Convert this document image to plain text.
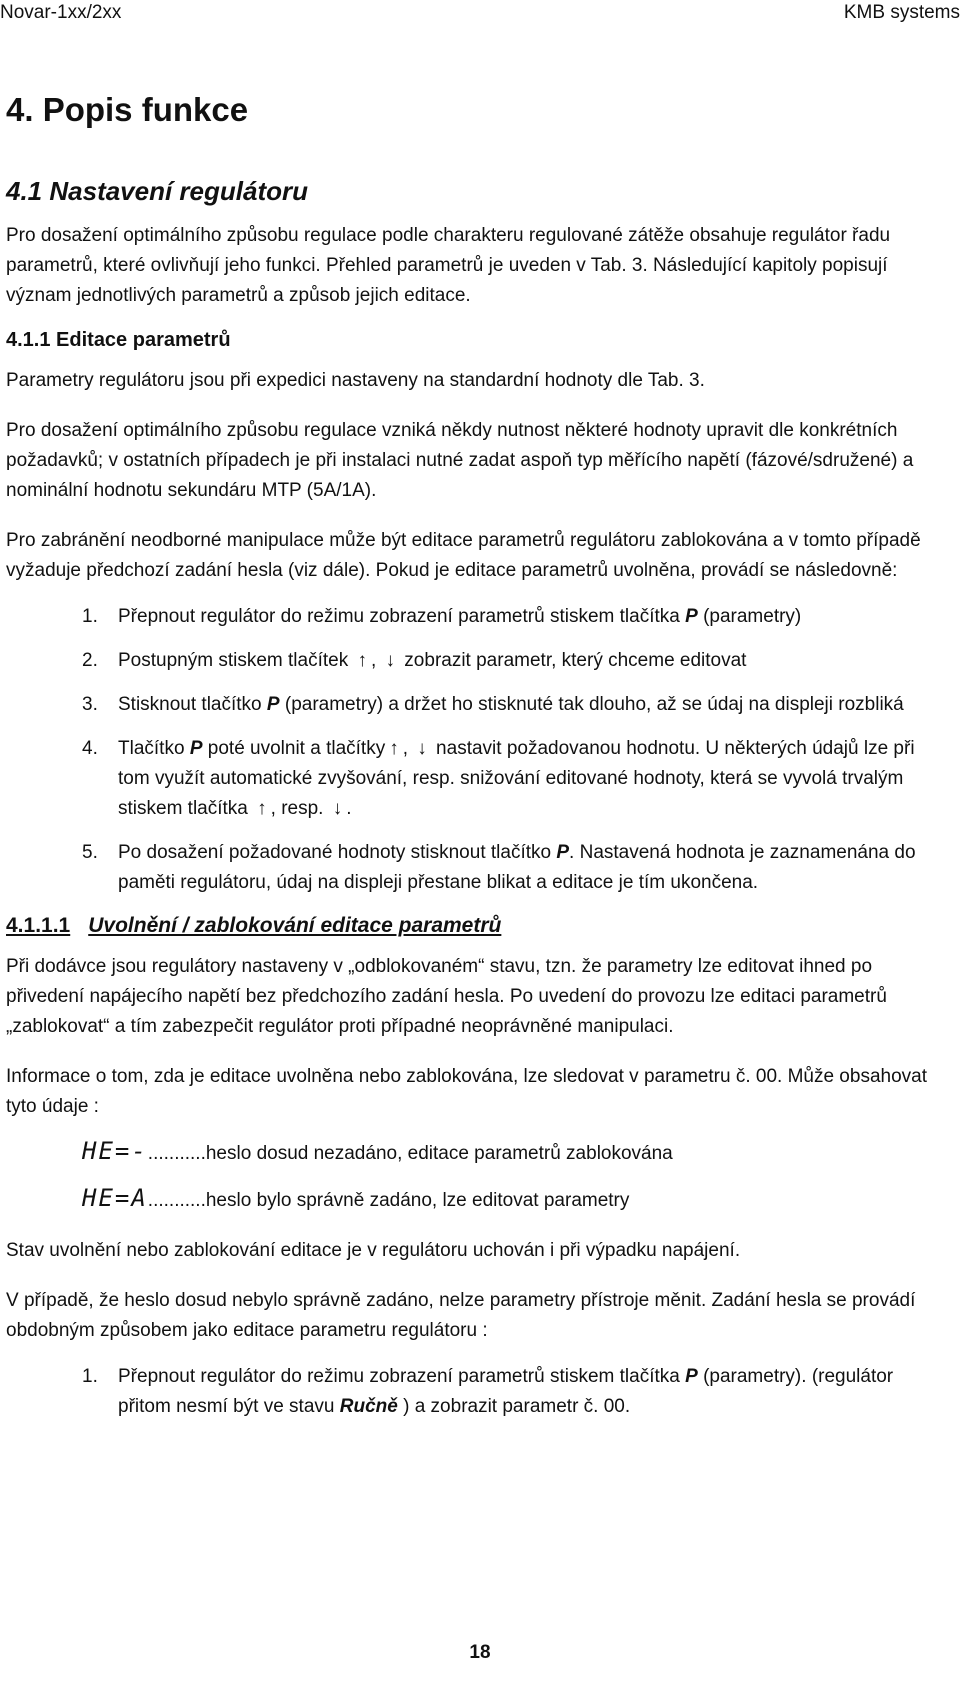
Novar-1xx/2xx	KMB systems
4. Popis funkce
4.1 Nastavení regulátoru

Pro dosažení optimálního způsobu regulace podle charakteru regulované zátěže obsahuje regulátor řadu parametrů, které ovlivňují jeho funkci. Přehled parametrů je uveden v Tab. 3. Následující kapitoly popisují význam jednotlivých parametrů a způsob jejich editace.

4.1.1 Editace parametrů

Parametry regulátoru jsou při expedici nastaveny na standardní hodnoty dle Tab. 3.

Pro dosažení optimálního způsobu regulace vzniká někdy nutnost některé hodnoty upravit dle konkrétních požadavků; v ostatních případech je při instalaci nutné zadat aspoň typ měřícího napětí (fázové/sdružené) a nominální hodnotu sekundáru MTP (5A/1A).

Pro zabránění neodborné manipulace může být editace parametrů regulátoru zablokována a v tomto případě vyžaduje předchozí zadání hesla (viz dále). Pokud je editace parametrů uvolněna, provádí se následovně:

1.	Přepnout regulátor do režimu zobrazení parametrů stiskem tlačítka P (parametry)
2.	Postupným stiskem tlačítek ↑ , ↓ zobrazit parametr, který chceme editovat
3.	Stisknout tlačítko P (parametry) a držet ho stisknuté tak dlouho, až se údaj na displeji rozbliká
4.	Tlačítko P poté uvolnit a tlačítky ↑ , ↓ nastavit požadovanou hodnotu. U některých údajů lze při tom využít automatické zvyšování, resp. snižování editované hodnoty, která se vyvolá trvalým stiskem tlačítka ↑ , resp. ↓ .
5.	Po dosažení požadované hodnoty stisknout tlačítko P. Nastavená hodnota je zaznamenána do paměti regulátoru, údaj na displeji přestane blikat a editace je tím ukončena.
4.1.1.1 Uvolnění / zablokování editace parametrů

Při dodávce jsou regulátory nastaveny v „odblokovaném“ stavu, tzn. že parametry lze editovat ihned po přivedení napájecího napětí bez předchozího zadání hesla. Po uvedení do provozu lze editaci parametrů „zablokovat“ a tím zabezpečit regulátor proti případné neoprávněné manipulaci.

Informace o tom, zda je editace uvolněna nebo zablokována, lze sledovat v parametru č. 00. Může obsahovat tyto údaje :

HE=- ...........heslo dosud nezadáno, editace parametrů zablokována
HE=A ...........heslo bylo správně zadáno, lze editovat parametry

Stav uvolnění nebo zablokování editace je v regulátoru uchován i při výpadku napájení.

V případě, že heslo dosud nebylo správně zadáno, nelze parametry přístroje měnit. Zadání hesla se provádí obdobným způsobem jako editace parametru regulátoru :

1.	Přepnout regulátor do režimu zobrazení parametrů stiskem tlačítka P (parametry). (regulátor přitom nesmí být ve stavu Ručně ) a zobrazit parametr č. 00.
18
